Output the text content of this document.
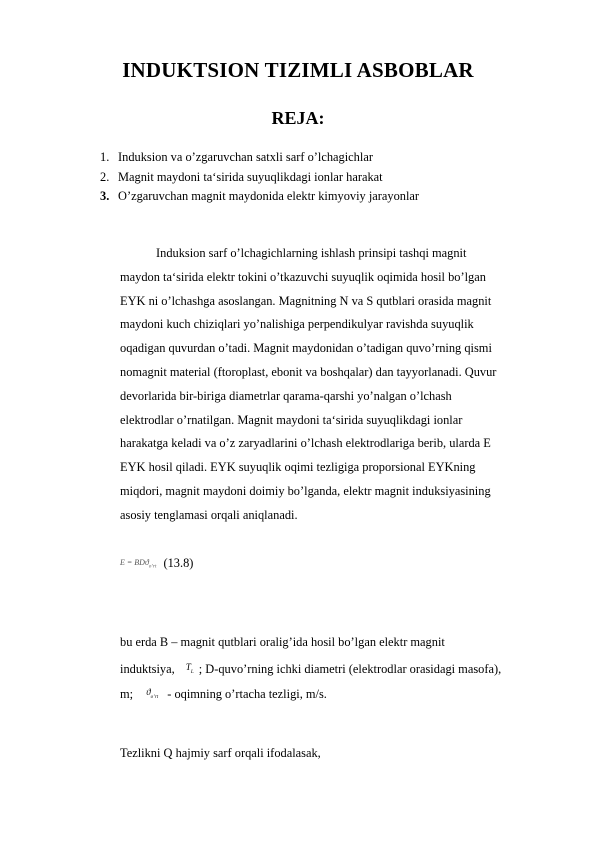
INDUKTSION TIZIMLI ASBOBLAR
REJA:
1. Induksion va o’zgaruvchan satxli sarf o’lchagichlar
2. Magnit maydoni ta‘sirida suyuqlikdagi ionlar harakat
3. O’zgaruvchan magnit maydonida elektr kimyoviy jarayonlar
Induksion sarf o’lchagichlarning ishlash prinsipi tashqi magnit
maydon ta‘sirida elektr tokini o’tkazuvchi suyuqlik oqimida hosil bo’lgan
EYK ni o’lchashga asoslangan. Magnitning N va S qutblari orasida magnit
maydoni kuch chiziqlari yo’nalishiga perpendikulyar ravishda suyuqlik
oqadigan quvurdan o’tadi. Magnit maydonidan o’tadigan quvo’rning qismi
nomagnit material (ftoroplast, ebonit va boshqalar) dan tayyorlanadi. Quvur
devorlarida bir-biriga diametrlar qarama-qarshi yo’nalgan o’lchash
elektrodlar o’rnatilgan. Magnit maydoni ta‘sirida suyuqlikdagi ionlar
harakatga keladi va o’z zaryadlarini o’lchash elektrodlariga berib, ularda E
EYK hosil qiladi. EYK suyuqlik oqimi tezligiga proporsional EYKning
miqdori, magnit maydoni doimiy bo’lganda, elektr magnit induksiyasining
asosiy tenglamasi orqali aniqlanadi.
E = BDϑ$_{o’rt}$ (13.8)
bu erda B – magnit qutblari oralig’ida hosil bo’lgan elektr magnit
induktsiya, $T_L$ ; D-quvo’rning ichki diametri (elektrodlar orasidagi masofa),
m; $ϑ_{o’rt}$ - oqimning o’rtacha tezligi, m/s.
Tezlikni Q hajmiy sarf orqali ifodalasak,
